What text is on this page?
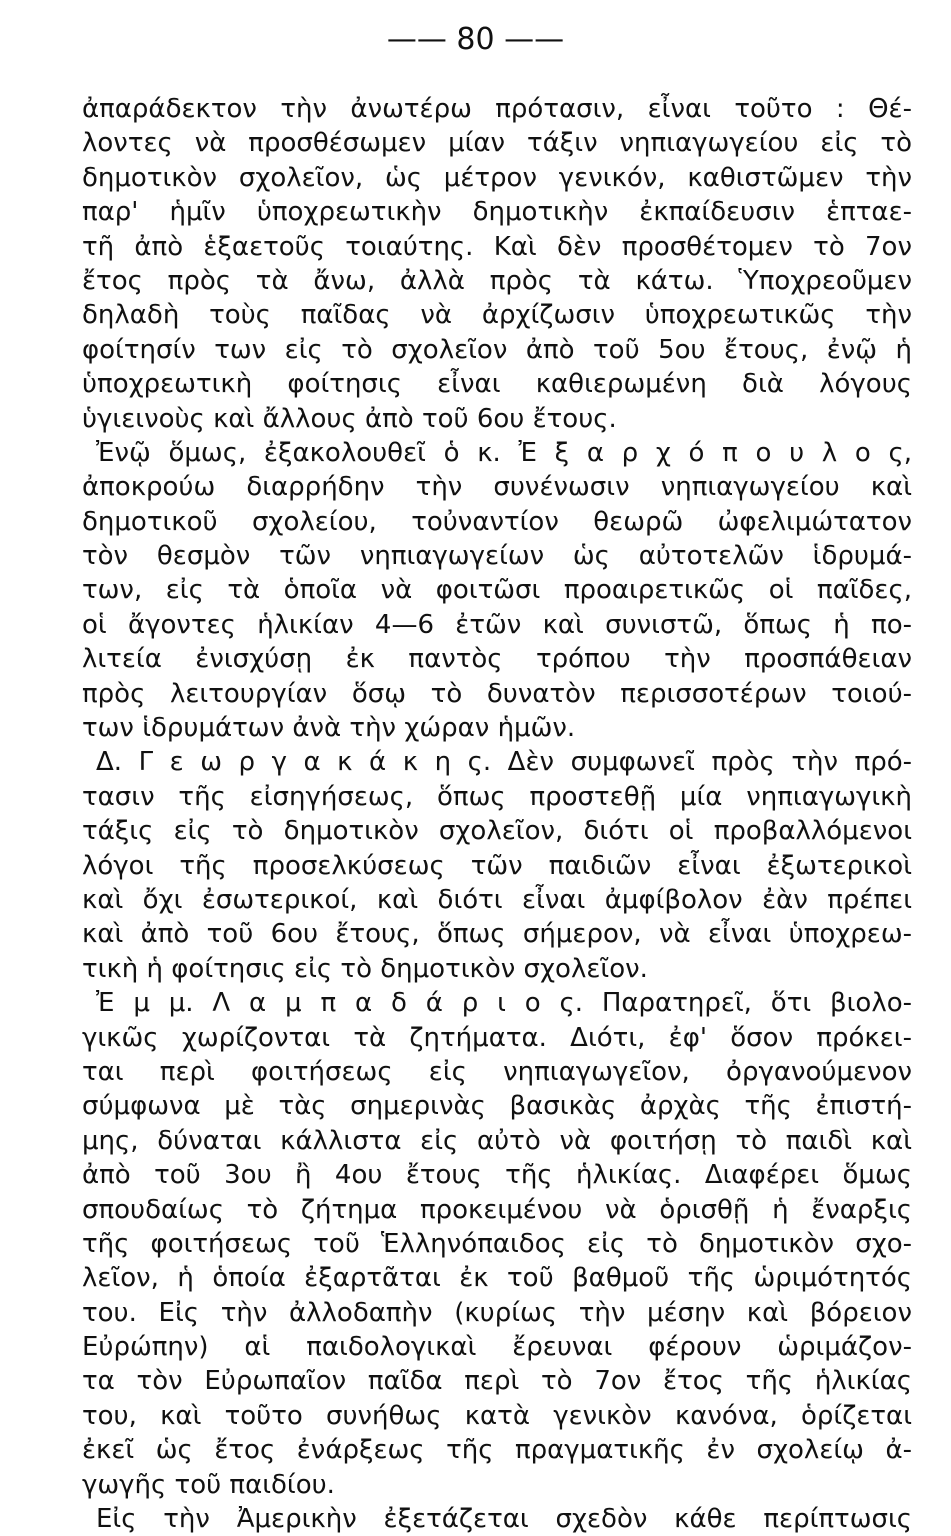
—— 80 ——
ἀπαράδεκτον τὴν ἀνωτέρω πρότασιν, εἶναι τοῦτο : Θέ-
λοντες νὰ προσθέσωμεν μίαν τάξιν νηπιαγωγείου εἰς τὸ
δημοτικὸν σχολεῖον, ὡς μέτρον γενικόν, καθιστῶμεν τὴν
παρ' ἡμῖν ὑποχρεωτικὴν δημοτικὴν ἐκπαίδευσιν ἑπταε-
τῆ ἀπὸ ἑξαετοῦς τοιαύτης. Καὶ δὲν προσθέτομεν τὸ 7ον
ἔτος πρὸς τὰ ἄνω, ἀλλὰ πρὸς τὰ κάτω. Ὑποχρεοῦμεν
δηλαδὴ τοὺς παῖδας νὰ ἀρχίζωσιν ὑποχρεωτικῶς τὴν
φοίτησίν των εἰς τὸ σχολεῖον ἀπὸ τοῦ 5ου ἔτους, ἐνῷ ἡ
ὑποχρεωτικὴ φοίτησις εἶναι καθιερωμένη διὰ λόγους
ὑγιεινοὺς καὶ ἄλλους ἀπὸ τοῦ 6ου ἔτους.
Ἐνῷ ὅμως, ἐξακολουθεῖ ὁ κ. Ἐ ξ α ρ χ ό π ο υ λ ο ς,
ἀποκρούω διαρρήδην τὴν συνένωσιν νηπιαγωγείου καὶ
δημοτικοῦ σχολείου, τοὐναντίον θεωρῶ ὠφελιμώτατον
τὸν θεσμὸν τῶν νηπιαγωγείων ὡς αὐτοτελῶν ἱδρυμά-
των, εἰς τὰ ὁποῖα νὰ φοιτῶσι προαιρετικῶς οἱ παῖδες,
οἱ ἄγοντες ἡλικίαν 4—6 ἐτῶν καὶ συνιστῶ, ὅπως ἡ πο-
λιτεία ἐνισχύσῃ ἐκ παντὸς τρόπου τὴν προσπάθειαν
πρὸς λειτουργίαν ὅσῳ τὸ δυνατὸν περισσοτέρων τοιού-
των ἱδρυμάτων ἀνὰ τὴν χώραν ἡμῶν.
Δ. Γ ε ω ρ γ α κ ά κ η ς. Δὲν συμφωνεῖ πρὸς τὴν πρό-
τασιν τῆς εἰσηγήσεως, ὅπως προστεθῇ μία νηπιαγωγικὴ
τάξις εἰς τὸ δημοτικὸν σχολεῖον, διότι οἱ προβαλλόμενοι
λόγοι τῆς προσελκύσεως τῶν παιδιῶν εἶναι ἐξωτερικοὶ
καὶ ὄχι ἐσωτερικοί, καὶ διότι εἶναι ἀμφίβολον ἐὰν πρέπει
καὶ ἀπὸ τοῦ 6ου ἔτους, ὅπως σήμερον, νὰ εἶναι ὑποχρεω-
τικὴ ἡ φοίτησις εἰς τὸ δημοτικὸν σχολεῖον.
Ἐ μ μ. Λ α μ π α δ ά ρ ι ο ς. Παρατηρεῖ, ὅτι βιολο-
γικῶς χωρίζονται τὰ ζητήματα. Διότι, ἐφ' ὅσον πρόκει-
ται περὶ φοιτήσεως εἰς νηπιαγωγεῖον, ὀργανούμενον
σύμφωνα μὲ τὰς σημερινὰς βασικὰς ἀρχὰς τῆς ἐπιστή-
μης, δύναται κάλλιστα εἰς αὐτὸ νὰ φοιτήσῃ τὸ παιδὶ καὶ
ἀπὸ τοῦ 3ου ἢ 4ου ἔτους τῆς ἡλικίας. Διαφέρει ὅμως
σπουδαίως τὸ ζήτημα προκειμένου νὰ ὁρισθῇ ἡ ἔναρξις
τῆς φοιτήσεως τοῦ Ἑλληνόπαιδος εἰς τὸ δημοτικὸν σχο-
λεῖον, ἡ ὁποία ἐξαρτᾶται ἐκ τοῦ βαθμοῦ τῆς ὡριμότητός
του. Εἰς τὴν ἀλλοδαπὴν (κυρίως τὴν μέσην καὶ βόρειον
Εὐρώπην) αἱ παιδολογικαὶ ἔρευναι φέρουν ὡριμάζον-
τα τὸν Εὐρωπαῖον παῖδα περὶ τὸ 7ον ἔτος τῆς ἡλικίας
του, καὶ τοῦτο συνήθως κατὰ γενικὸν κανόνα, ὁρίζεται
ἐκεῖ ὡς ἔτος ἐνάρξεως τῆς πραγματικῆς ἐν σχολείῳ ἀ-
γωγῆς τοῦ παιδίου.
Εἰς τὴν Ἀμερικὴν ἐξετάζεται σχεδὸν κάθε περίπτωσις
